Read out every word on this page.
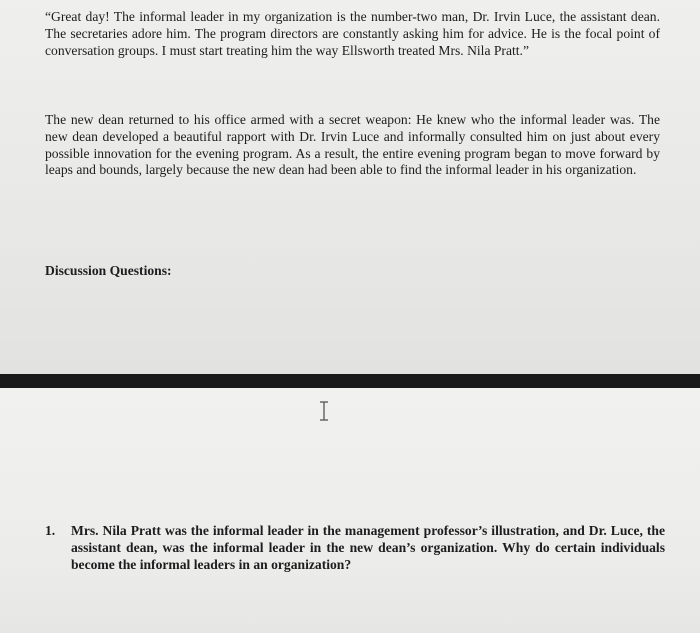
“Great day! The informal leader in my organization is the number-two man, Dr. Irvin Luce, the assistant dean. The secretaries adore him. The program directors are constantly asking him for advice. He is the focal point of conversation groups. I must start treating him the way Ellsworth treated Mrs. Nila Pratt.”

The new dean returned to his office armed with a secret weapon: He knew who the informal leader was. The new dean developed a beautiful rapport with Dr. Irvin Luce and informally consulted him on just about every possible innovation for the evening program. As a result, the entire evening program began to move forward by leaps and bounds, largely because the new dean had been able to find the informal leader in his organization.

Discussion Questions:
1. Mrs. Nila Pratt was the informal leader in the management professor’s illustration, and Dr. Luce, the assistant dean, was the informal leader in the new dean’s organization. Why do certain individuals become the informal leaders in an organization?
